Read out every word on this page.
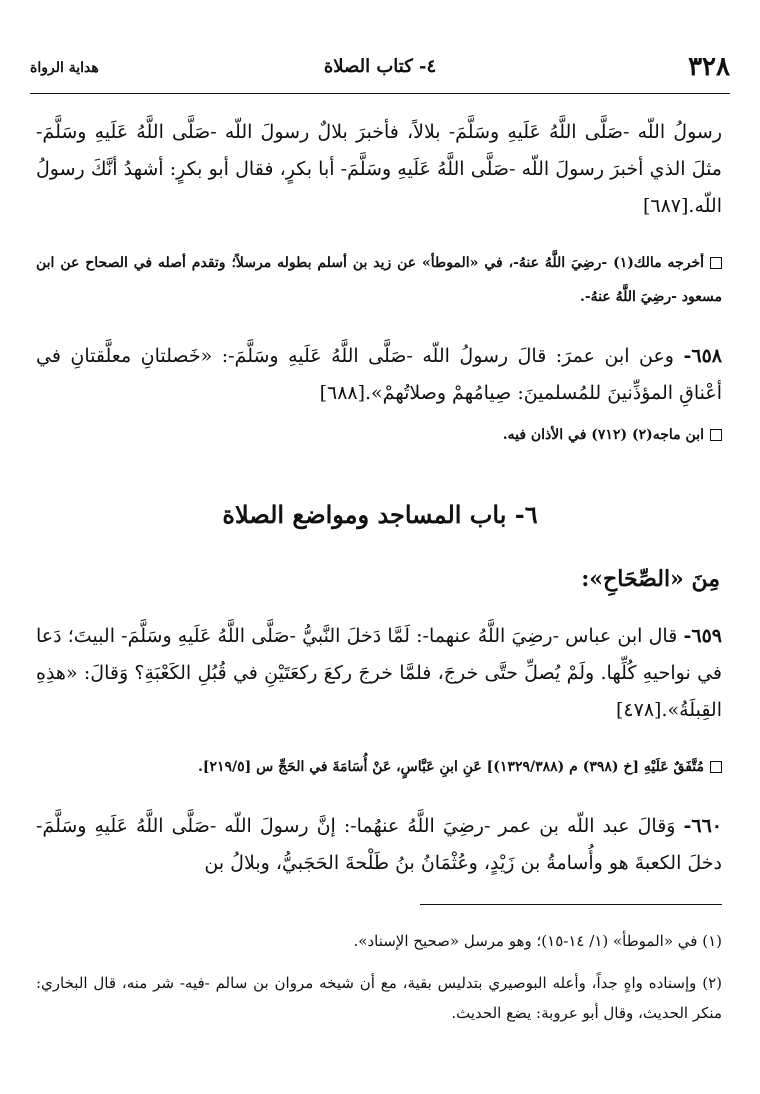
٣٢٨
٤- كتاب الصلاة
هداية الرواة
رسولُ اللّه -صَلَّى اللَّهُ عَلَيهِ وسَلَّمَ- بلالاً، فأخبرَ بلالٌ رسولَ اللّه -صَلَّى اللَّهُ عَلَيهِ وسَلَّمَ- مثلَ الذي أخبرَ رسولَ اللّه -صَلَّى اللَّهُ عَلَيهِ وسَلَّمَ- أبا بكرٍ، فقال أبو بكرٍ: أشهدُ أنَّكَ رسولُ اللّه.[٦٨٧]
أخرجه مالك(١) -رضِيَ اللَّهُ عنهُ-، في «الموطأ» عن زيد بن أسلم بطوله مرسلاً؛ وتقدم أصله في الصحاح عن ابن مسعود -رضِيَ اللَّهُ عنهُ-.
٦٥٨- وعن ابن عمرَ: قالَ رسولُ اللّه -صَلَّى اللَّهُ عَلَيهِ وسَلَّمَ-: «خَصلتانِ معلَّقتانِ في أعْناقِ المؤذِّنينَ للمُسلمينَ: صِيامُهمْ وصلاتُهمْ».[٦٨٨]
ابن ماجه(٢) (٧١٢) في الأذان فيه.
٦- باب المساجد ومواضع الصلاة
مِنَ «الصِّحَاحِ»:
٦٥٩- قال ابن عباس -رضِيَ اللَّهُ عنهما-: لَمَّا دَخلَ النَّبيُّ -صَلَّى اللَّهُ عَلَيهِ وسَلَّمَ- البيتَ؛ دَعا في نواحيهِ كُلِّها. ولَمْ يُصلِّ حتَّى خرجَ، فلمَّا خرجَ ركعَ ركعَتَيْنِ في قُبُلِ الكَعْبَةِ؟ وَقالَ: «هذِهِ القِبلَةُ».[٤٧٨]
مُتَّفَقٌ عَلَيْهِ [خ (٣٩٨) م (١٣٢٩/٣٨٨)] عَنِ ابنِ عَبَّاسٍ، عَنْ أُسَامَةَ في الحَجِّ س [٢١٩/٥].
٦٦٠- وَقالَ عبد اللّه بن عمر -رضِيَ اللَّهُ عنهُما-: إنَّ رسولَ اللّه -صَلَّى اللَّهُ عَلَيهِ وسَلَّمَ- دخلَ الكعبةَ هو وأُسامةُ بن زَيْدٍ، وعُثْمَانُ بنُ طَلْحةَ الحَجَبيُّ، وبلالُ بن
(١) في «الموطأ» (١/ ١٤-١٥)؛ وهو مرسل «صحيح الإسناد».
(٢) وإسناده واهٍ جداً، وأعله البوصيري بتدليس بقية، مع أن شيخه مروان بن سالم -فيه- شر منه، قال البخاري: منكر الحديث، وقال أبو عروبة: يضع الحديث.
